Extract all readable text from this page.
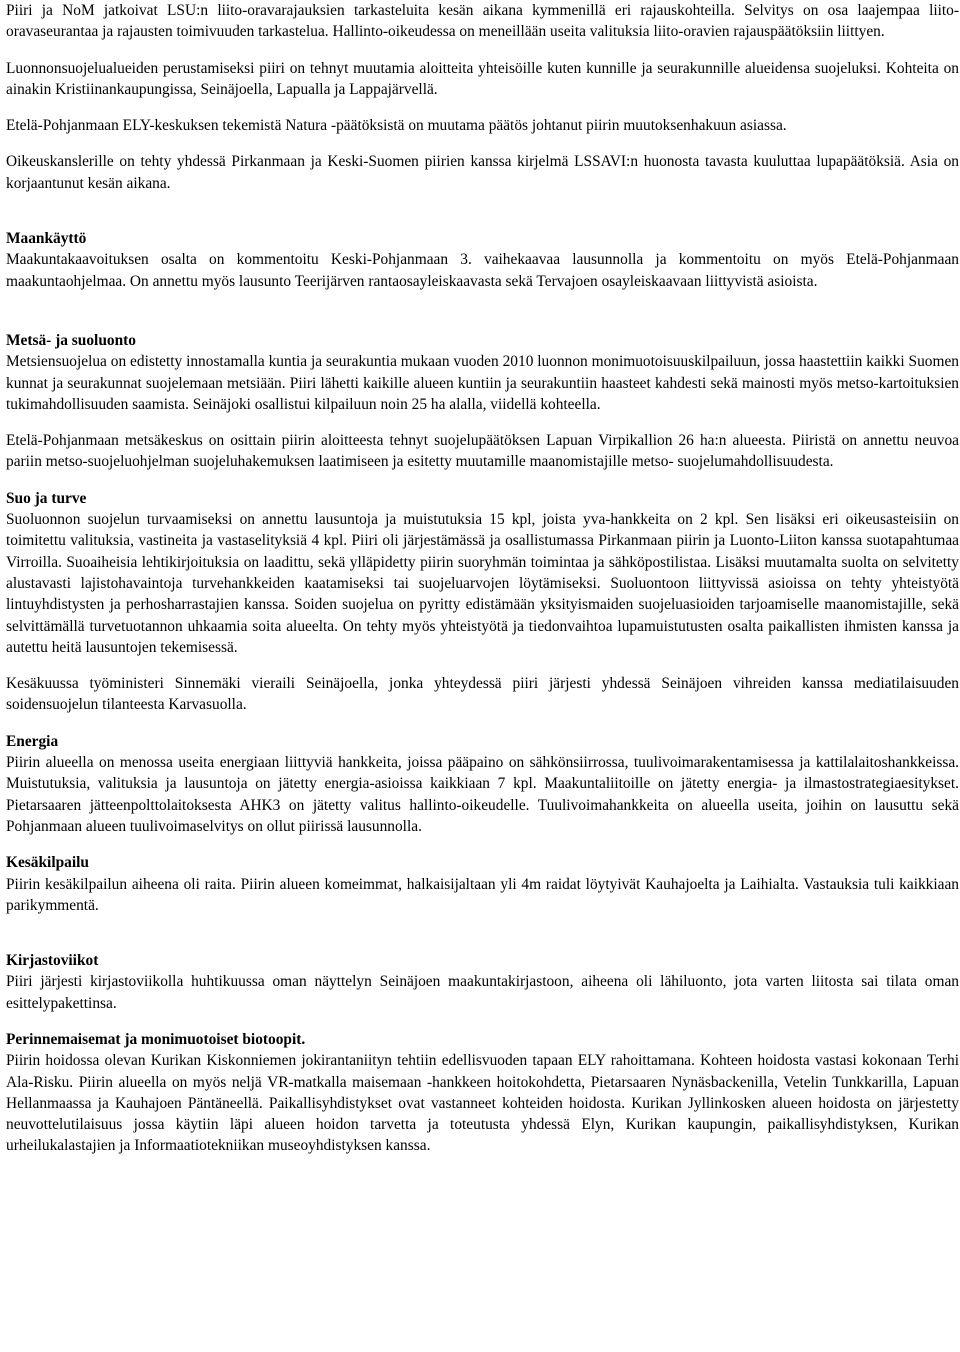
Piiri ja NoM jatkoivat LSU:n liito-oravarajauksien tarkasteluita kesän aikana kymmenillä eri rajauskohteilla. Selvitys on osa laajempaa liito-oravaseurantaa ja rajausten toimivuuden tarkastelua. Hallinto-oikeudessa on meneillään useita valituksia liito-oravien rajauspäätöksiin liittyen.

Luonnonsuojelualueiden perustamiseksi piiri on tehnyt muutamia aloitteita yhteisöille kuten kunnille ja seurakunnille alueidensa suojeluksi. Kohteita on ainakin Kristiinankaupungissa, Seinäjoella, Lapualla ja Lappajärvellä.

Etelä-Pohjanmaan ELY-keskuksen tekemistä Natura -päätöksistä on muutama päätös johtanut piirin muutoksenhakuun asiassa.

Oikeuskanslerille on tehty yhdessä Pirkanmaan ja Keski-Suomen piirien kanssa kirjelmä LSSAVI:n huonosta tavasta kuuluttaa lupapäätöksiä. Asia on korjaantunut kesän aikana.

Maankäyttö

Maakuntakaavoituksen osalta on kommentoitu Keski-Pohjanmaan 3. vaihekaavaa lausunnolla ja kommentoitu on myös Etelä-Pohjanmaan maakuntaohjelmaa. On annettu myös lausunto Teerijärven rantaosayleiskaavasta sekä Tervajoen osayleiskaavaan liittyvistä asioista.

Metsä- ja suoluonto

Metsiensuojelua on edistetty innostamalla kuntia ja seurakuntia mukaan vuoden 2010 luonnon monimuotoisuuskilpailuun, jossa haastettiin kaikki Suomen kunnat ja seurakunnat suojelemaan metsiään. Piiri lähetti kaikille alueen kuntiin ja seurakuntiin haasteet kahdesti sekä mainosti myös metso-kartoituksien tukimahdollisuuden saamista. Seinäjoki osallistui kilpailuun noin 25 ha alalla, viidellä kohteella.

Etelä-Pohjanmaan metsäkeskus on osittain piirin aloitteesta tehnyt suojelupäätöksen Lapuan Virpikallion 26 ha:n alueesta. Piiristä on annettu neuvoa pariin metso-suojeluohjelman suojeluhakemuksen laatimiseen ja esitetty muutamille maanomistajille metso- suojelumahdollisuudesta.

Suo ja turve

Suoluonnon suojelun turvaamiseksi on annettu lausuntoja ja muistutuksia 15 kpl, joista yva-hankkeita on 2 kpl. Sen lisäksi eri oikeusasteisiin on toimitettu valituksia, vastineita ja vastaselityksiä 4 kpl. Piiri oli järjestämässä ja osallistumassa Pirkanmaan piirin ja Luonto-Liiton kanssa suotapahtumaa Virroilla. Suoaiheisia lehtikirjoituksia on laadittu, sekä ylläpidetty piirin suoryhmän toimintaa ja sähköpostilistaa. Lisäksi muutamalta suolta on selvitetty alustavasti lajistohavaintoja turvehankkeiden kaatamiseksi tai suojeluarvojen löytämiseksi. Suoluontoon liittyvissä asioissa on tehty yhteistyötä lintuyhdistysten ja perhosharrastajien kanssa. Soiden suojelua on pyritty edistämään yksityismaiden suojeluasioiden tarjoamiselle maanomistajille, sekä selvittämällä turvetuotannon uhkaamia soita alueelta. On tehty myös yhteistyötä ja tiedonvaihtoa lupamuistutusten osalta paikallisten ihmisten kanssa ja autettu heitä lausuntojen tekemisessä.

Kesäkuussa työministeri Sinnemäki vieraili Seinäjoella, jonka yhteydessä piiri järjesti yhdessä Seinäjoen vihreiden kanssa mediatilaisuuden soidensuojelun tilanteesta Karvasuolla.

Energia

Piirin alueella on menossa useita energiaan liittyviä hankkeita, joissa pääpaino on sähkönsiirrossa, tuulivoimarakentamisessa ja kattilalaitoshankkeissa. Muistutuksia, valituksia ja lausuntoja on jätetty energia-asioissa kaikkiaan 7 kpl. Maakuntaliitoille on jätetty energia- ja ilmastostrategiaesitykset. Pietarsaaren jätteenpolttolaitoksesta AHK3 on jätetty valitus hallinto-oikeudelle. Tuulivoimahankkeita on alueella useita, joihin on lausuttu sekä Pohjanmaan alueen tuulivoimaselvitys on ollut piirissä lausunnolla.

Kesäkilpailu

Piirin kesäkilpailun aiheena oli raita. Piirin alueen komeimmat, halkaisijaltaan yli 4m raidat löytyivät Kauhajoelta ja Laihialta. Vastauksia tuli kaikkiaan parikymmentä.

Kirjastoviikot

Piiri järjesti kirjastoviikolla huhtikuussa oman näyttelyn Seinäjoen maakuntakirjastoon, aiheena oli lähiluonto, jota varten liitosta sai tilata oman esittelypakettinsa.

Perinnemaisemat ja monimuotoiset biotoopit.

Piirin hoidossa olevan Kurikan Kiskonniemen jokirantaniityn tehtiin edellisvuoden tapaan ELY rahoittamana. Kohteen hoidosta vastasi kokonaan Terhi Ala-Risku. Piirin alueella on myös neljä VR-matkalla maisemaan -hankkeen hoitokohdetta, Pietarsaaren Nynäsbackenilla, Vetelin Tunkkarilla, Lapuan Hellanmaassa ja Kauhajoen Päntäneellä. Paikallisyhdistykset ovat vastanneet kohteiden hoidosta. Kurikan Jyllinkosken alueen hoidosta on järjestetty neuvottelutilaisuus jossa käytiin läpi alueen hoidon tarvetta ja toteutusta yhdessä Elyn, Kurikan kaupungin, paikallisyhdistyksen, Kurikan urheilukalastajien ja Informaatiotekniikan museoyhdistyksen kanssa.
